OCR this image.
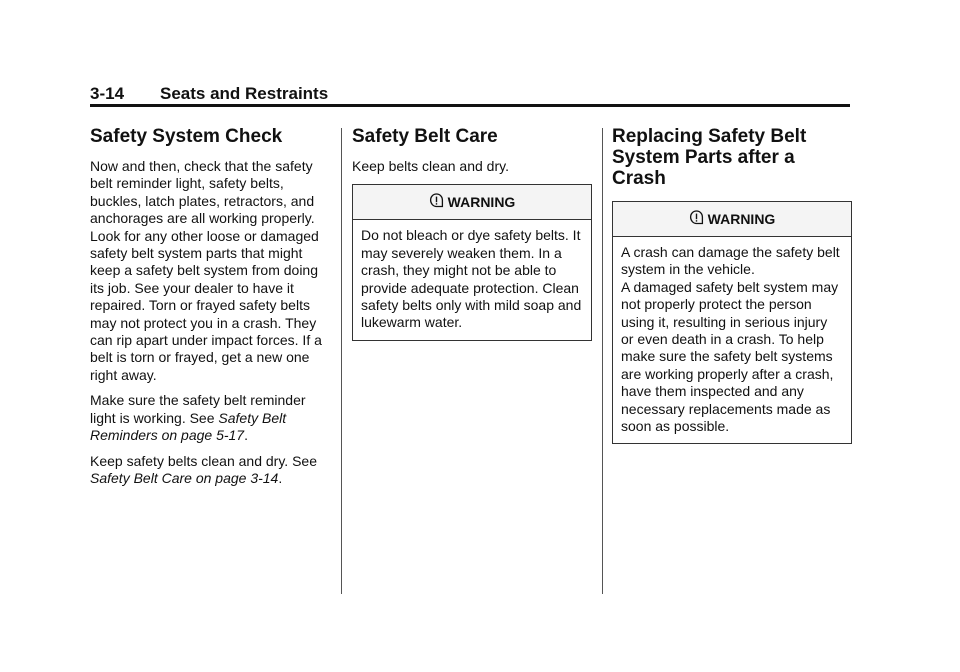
3-14 Seats and Restraints
Safety System Check

Now and then, check that the safety belt reminder light, safety belts, buckles, latch plates, retractors, and anchorages are all working properly. Look for any other loose or damaged safety belt system parts that might keep a safety belt system from doing its job. See your dealer to have it repaired. Torn or frayed safety belts may not protect you in a crash. They can rip apart under impact forces. If a belt is torn or frayed, get a new one right away.

Make sure the safety belt reminder light is working. See Safety Belt Reminders on page 5-17.

Keep safety belts clean and dry. See Safety Belt Care on page 3-14.

Safety Belt Care

Keep belts clean and dry.

WARNING

Do not bleach or dye safety belts. It may severely weaken them. In a crash, they might not be able to provide adequate protection. Clean safety belts only with mild soap and lukewarm water.

Replacing Safety Belt
System Parts after a
Crash
WARNING

A crash can damage the safety belt system in the vehicle.

A damaged safety belt system may not properly protect the person using it, resulting in serious injury or even death in a crash. To help make sure the safety belt systems are working properly after a crash, have them inspected and any necessary replacements made as soon as possible.
